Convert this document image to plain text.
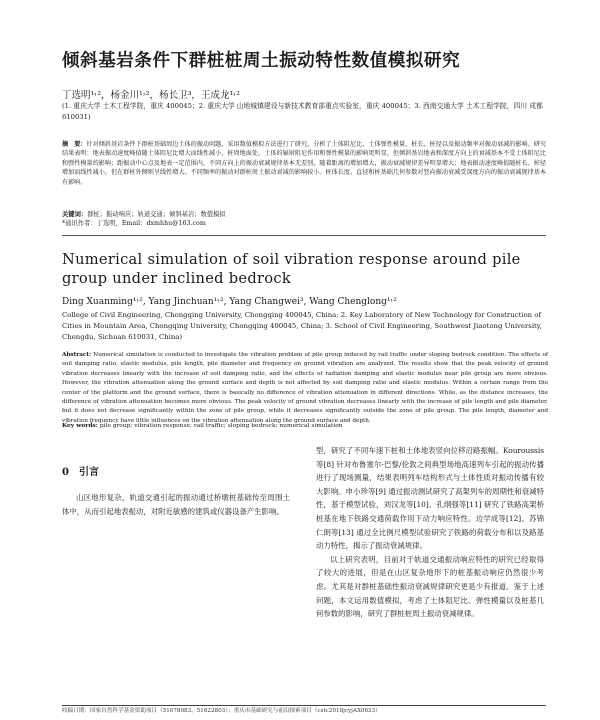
倾斜基岩条件下群桩桩周土振动特性数值模拟研究
丁选明¹˒²，杨金川¹˒²，杨长卫³，王成龙¹˒²
(1. 重庆大学 土木工程学院，重庆 400045；2. 重庆大学 山地城镇建设与新技术教育部重点实验室，重庆 400045；3. 西南交通大学 土木工程学院，四川 成都 610031)
摘　要：针对倾斜基岩条件下群桩基础周边土体的振动问题，采用数值模拟方法进行了研究，分析了土体阻尼比、土体弹性模量、桩长、桩径以及振动频率对振动衰减的影响。研究结果表明：地表振动速度峰值随土体阻尼比增大而线性减小，桩周地面处，土体的辐射阻尼作用和弹性模量的影响更明显，但倾斜基岩地表和深度方向上的衰减基本不受土体阻尼比和弹性模量的影响；距振动中心点及地表一定范围内，不同方向上的振动衰减规律基本无差别，随着距离的增加增大，振动衰减规律差异明显增大；地表振动速度峰值随桩长、桩径增加而线性减小，但在群桩外侧则呈线性增大。不同频率的振动对群桩周土振动衰减的影响较小。桩体长度、直径和桩基础几何参数对竖向振动衰减受深度方向的振动衰减规律基本有影响。
关键词：群桩；振动响应；轨道交通；倾斜基岩；数值模拟
*通讯作者：丁选明，Email：dxmhhu@163.com
Numerical simulation of soil vibration response around pile group under inclined bedrock
Ding Xuanming¹˒², Yang Jinchuan¹˒², Yang Changwei³, Wang Chenglong¹˒²
College of Civil Engineering, Chongqing University, Chongqing 400045, China; 2. Key Laboratory of New Technology for Construction of Cities in Mountain Area, Chongqing University, Chongqing 400045, China; 3. School of Civil Engineering, Southwest Jiaotong University, Chengdu, Sichuan 610031, China)
Abstract: Numerical simulation is conducted to investigate the vibration problem of pile group induced by rail traffic under sloping bedrock condition. The effects of soil damping ratio, elastic modulus, pile length, pile diameter and frequency on ground vibration are analyzed. The results show that the peak velocity of ground vibration decreases linearly with the increase of soil damping ratio, and the effects of radiation damping and elastic modulus near pile group are more obvious. However, the vibration attenuation along the ground surface and depth is not affected by soil damping ratio and elastic modulus. Within a certain range from the center of the platform and the ground surface, there is basically no difference of vibration attenuation in different directions. While, as the distance increases, the difference of vibration attenuation becomes more obvious. The peak velocity of ground vibration decreases linearly with the increase of pile length and pile diameter, but it does not decrease significantly within the zone of pile group, while it decreases significantly outside the zone of pile group. The pile length, diameter and vibration frequency have little influences on the vibration attenuation along the ground surface and depth.
Key words: pile group; vibration response; rail traffic; sloping bedrock; numerical simulation
0　引言

山区地形复杂，轨道交通引起的振动通过桥墩桩基础传至周围土体中，从而引起地表振动，对附近敏感的建筑或仪器设备产生影响。

型，研究了不同车速下桩和土体地表竖向位移沿路振幅。Kouroussis 等[8] 针对布鲁塞尔-巴黎/伦敦之间典型场地高速列车引起的振动传播进行了现场测量，结果表明列车结构形式与土体性质对振动传播有较大影响。申小珍等[9] 通过振动测试研究了高架列车的周期性和衰减特性，基于模型试验，刘汉龙等[10]、孔纲强等[11] 研究了铁路高架桥桩基在地下铁路交通荷载作用下动力响应特性。边学成等[12]、苏锦仁朗等[13] 通过全比例尺模型试验研究了铁路的荷载分布和以及路基动力特性，揭示了振动衰减规律。

以上研究表明，目前对于轨道交通振动响应特性的研究已经取得了较大的进展，但是在山区复杂地形下的桩基振动响应仍然很少考虑。尤其是对群桩基础性振动衰减规律研究更是少有报道。鉴于上述问题，本文运用数值模拟，考虑了土体阻尼比、弹性模量以及桩基几何参数的影响，研究了群桩桩周土振动衰减规律。

收稿日期：国家自然科学基金资助项目（51678083，51622803）；重庆市基础研究与前沿探索项目（cstc2018jcyjAX0633）
